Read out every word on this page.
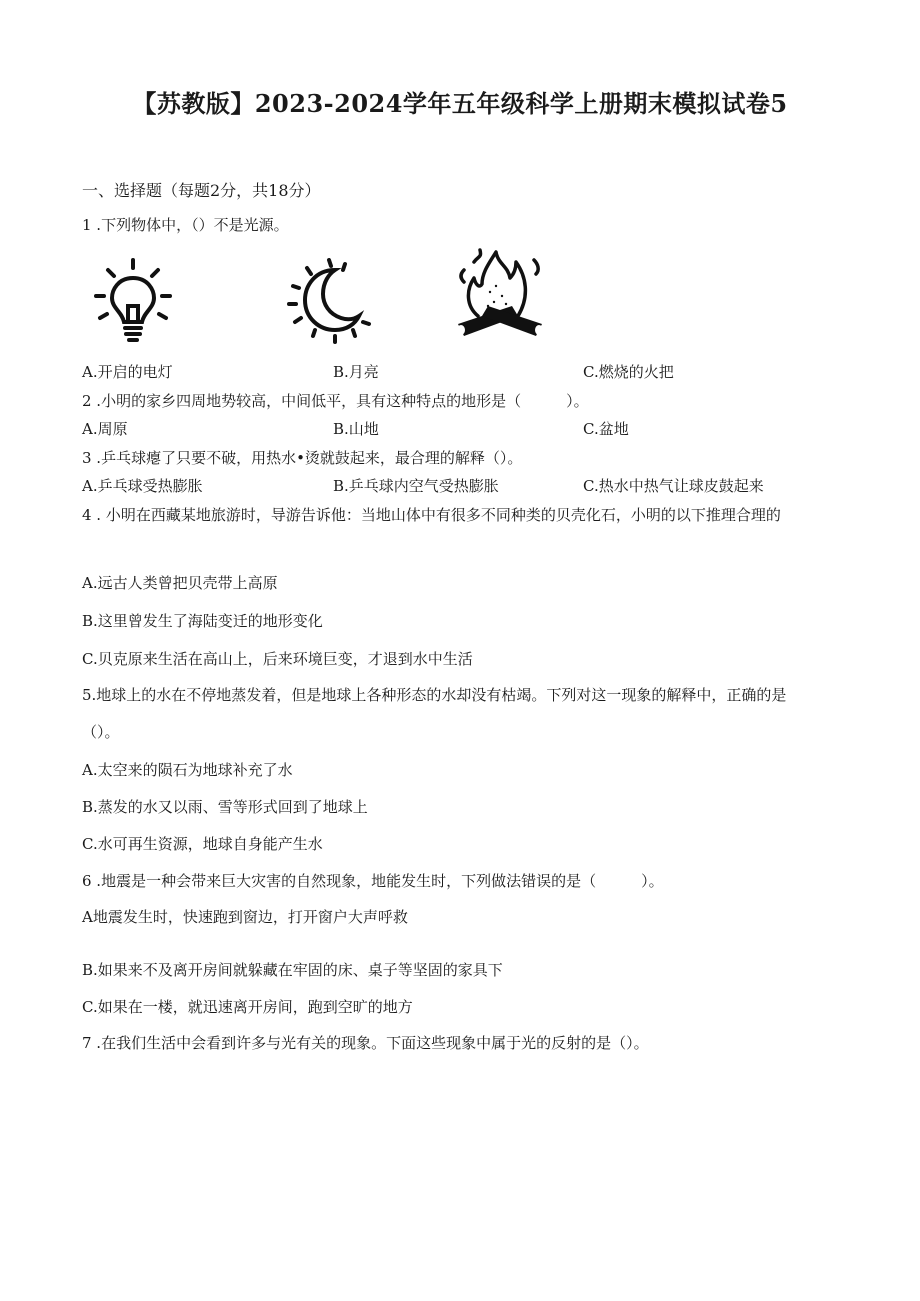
【苏教版】2023-2024学年五年级科学上册期末模拟试卷5
一、选择题（每题2分，共18分）
1 .下列物体中，（）不是光源。
A.开启的电灯	B.月亮	C.燃烧的火把
2 .小明的家乡四周地势较高，中间低平，具有这种特点的地形是（　　　）。
A.周原	B.山地	C.盆地
3 .乒乓球瘪了只要不破，用热水•烫就鼓起来，最合理的解释（）。
A.乒乓球受热膨胀	B.乒乓球内空气受热膨胀	C.热水中热气让球皮鼓起来
4 . 小明在西藏某地旅游时，导游告诉他：当地山体中有很多不同种类的贝壳化石，小明的以下推理合理的
A.远古人类曾把贝壳带上高原
B.这里曾发生了海陆变迁的地形变化
C.贝克原来生活在高山上，后来环境巨变，才退到水中生活
5.地球上的水在不停地蒸发着，但是地球上各种形态的水却没有枯竭。下列对这一现象的解释中，正确的是
（）。
A.太空来的陨石为地球补充了水
B.蒸发的水又以雨、雪等形式回到了地球上
C.水可再生资源，地球自身能产生水
6 .地震是一种会带来巨大灾害的自然现象，地能发生时，下列做法错误的是（　　　）。
A地震发生时，快速跑到窗边，打开窗户大声呼救
B.如果来不及离开房间就躲藏在牢固的床、桌子等坚固的家具下
C.如果在一楼，就迅速离开房间，跑到空旷的地方
7 .在我们生活中会看到许多与光有关的现象。下面这些现象中属于光的反射的是（）。
